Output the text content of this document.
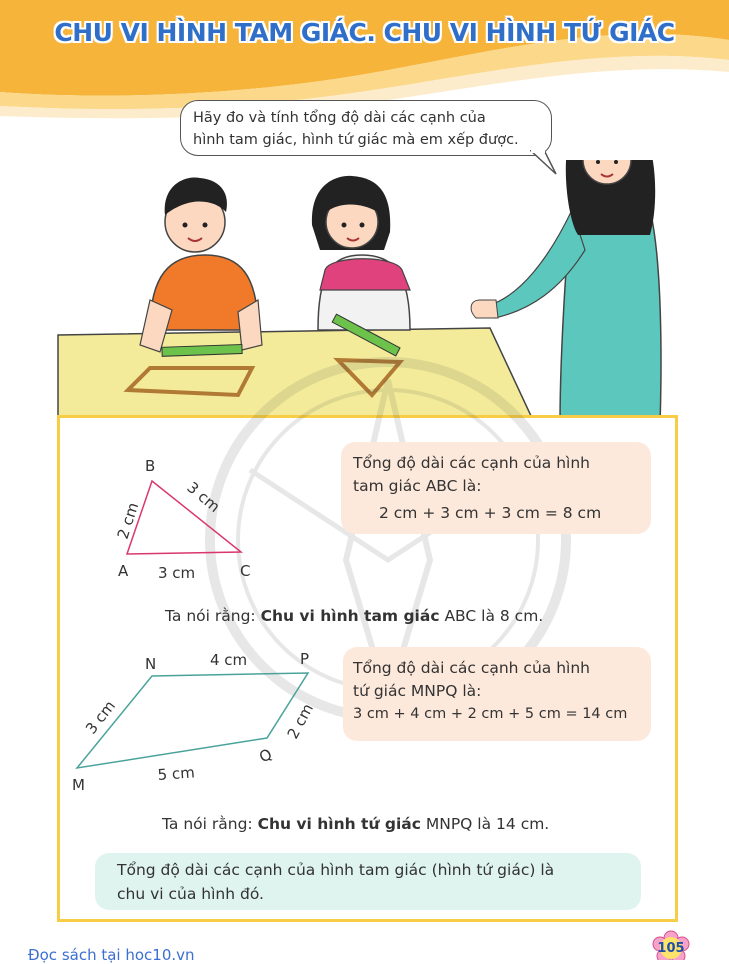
CHU VI HÌNH TAM GIÁC. CHU VI HÌNH TỨ GIÁC
Hãy đo và tính tổng độ dài các cạnh của
hình tam giác, hình tứ giác mà em xếp được.
B
A	C
2 cm
3 cm
3 cm
Tổng độ dài các cạnh của hình
tam giác ABC là:
2 cm + 3 cm + 3 cm = 8 cm
Ta nói rằng: Chu vi hình tam giác ABC là 8 cm.
N	P
M
Q
3 cm
4 cm
2 cm
5 cm
Tổng độ dài các cạnh của hình
tứ giác MNPQ là:
3 cm + 4 cm + 2 cm + 5 cm = 14 cm
Ta nói rằng: Chu vi hình tứ giác MNPQ là 14 cm.
Tổng độ dài các cạnh của hình tam giác (hình tứ giác) là
chu vi của hình đó.
Đọc sách tại hoc10.vn	105
